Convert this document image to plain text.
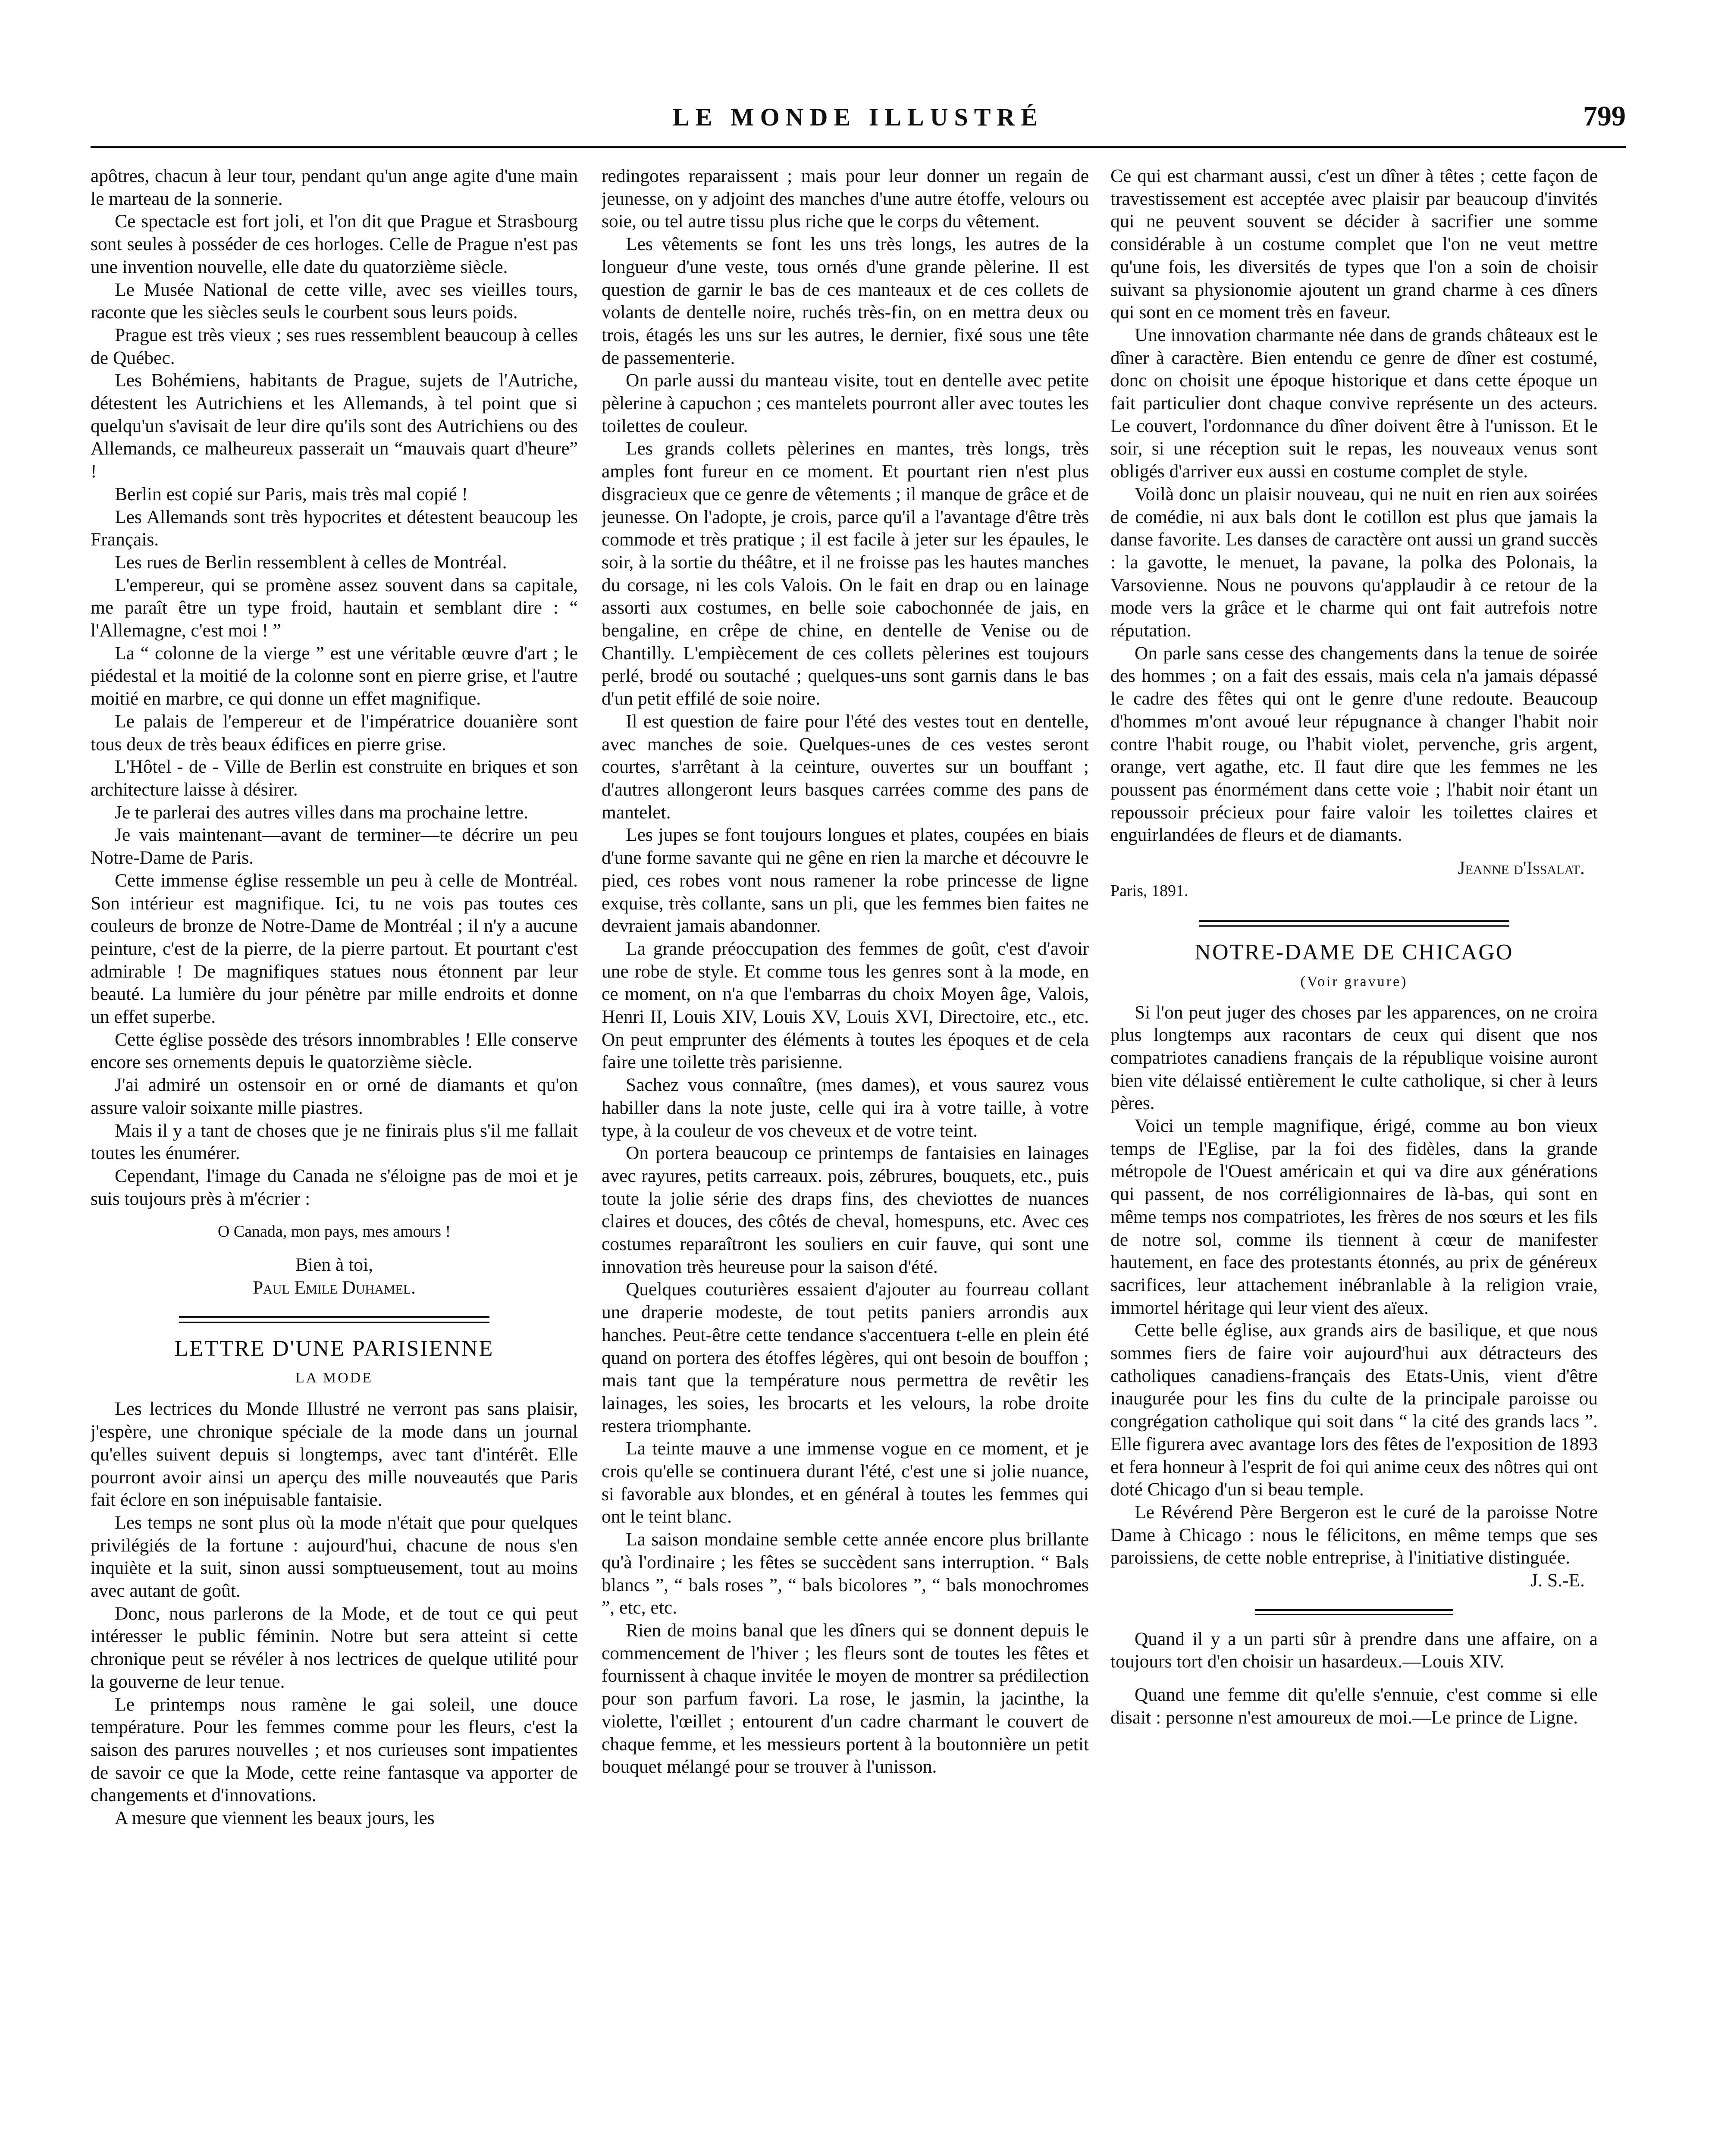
LE MONDE ILLUSTRÉ	799

apôtres, chacun à leur tour, pendant qu'un ange agite d'une main le marteau de la sonnerie.

Ce spectacle est fort joli, et l'on dit que Prague et Strasbourg sont seules à posséder de ces horloges. Celle de Prague n'est pas une invention nouvelle, elle date du quatorzième siècle.

Le Musée National de cette ville, avec ses vieilles tours, raconte que les siècles seuls le courbent sous leurs poids.

Prague est très vieux ; ses rues ressemblent beaucoup à celles de Québec.

Les Bohémiens, habitants de Prague, sujets de l'Autriche, détestent les Autrichiens et les Allemands, à tel point que si quelqu'un s'avisait de leur dire qu'ils sont des Autrichiens ou des Allemands, ce malheureux passerait un “mauvais quart d'heure” !

Berlin est copié sur Paris, mais très mal copié !

Les Allemands sont très hypocrites et détestent beaucoup les Français.

Les rues de Berlin ressemblent à celles de Montréal.

L'empereur, qui se promène assez souvent dans sa capitale, me paraît être un type froid, hautain et semblant dire : “ l'Allemagne, c'est moi ! ”

La “ colonne de la vierge ” est une véritable œuvre d'art ; le piédestal et la moitié de la colonne sont en pierre grise, et l'autre moitié en marbre, ce qui donne un effet magnifique.

Le palais de l'empereur et de l'impératrice douanière sont tous deux de très beaux édifices en pierre grise.

L'Hôtel - de - Ville de Berlin est construite en briques et son architecture laisse à désirer.

Je te parlerai des autres villes dans ma prochaine lettre.

Je vais maintenant—avant de terminer—te décrire un peu Notre-Dame de Paris.

Cette immense église ressemble un peu à celle de Montréal. Son intérieur est magnifique. Ici, tu ne vois pas toutes ces couleurs de bronze de Notre-Dame de Montréal ; il n'y a aucune peinture, c'est de la pierre, de la pierre partout. Et pourtant c'est admirable ! De magnifiques statues nous étonnent par leur beauté. La lumière du jour pénètre par mille endroits et donne un effet superbe.

Cette église possède des trésors innombrables ! Elle conserve encore ses ornements depuis le quatorzième siècle.

J'ai admiré un ostensoir en or orné de diamants et qu'on assure valoir soixante mille piastres.

Mais il y a tant de choses que je ne finirais plus s'il me fallait toutes les énumérer.

Cependant, l'image du Canada ne s'éloigne pas de moi et je suis toujours près à m'écrier :

O Canada, mon pays, mes amours !

Bien à toi,

Paul Emile Duhamel.

LETTRE D'UNE PARISIENNE
LA MODE

Les lectrices du Monde Illustré ne verront pas sans plaisir, j'espère, une chronique spéciale de la mode dans un journal qu'elles suivent depuis si longtemps, avec tant d'intérêt. Elle pourront avoir ainsi un aperçu des mille nouveautés que Paris fait éclore en son inépuisable fantaisie.

Les temps ne sont plus où la mode n'était que pour quelques privilégiés de la fortune : aujourd'hui, chacune de nous s'en inquiète et la suit, sinon aussi somptueusement, tout au moins avec autant de goût.

Donc, nous parlerons de la Mode, et de tout ce qui peut intéresser le public féminin. Notre but sera atteint si cette chronique peut se révéler à nos lectrices de quelque utilité pour la gouverne de leur tenue.

Le printemps nous ramène le gai soleil, une douce température. Pour les femmes comme pour les fleurs, c'est la saison des parures nouvelles ; et nos curieuses sont impatientes de savoir ce que la Mode, cette reine fantasque va apporter de changements et d'innovations.

A mesure que viennent les beaux jours, les

redingotes reparaissent ; mais pour leur donner un regain de jeunesse, on y adjoint des manches d'une autre étoffe, velours ou soie, ou tel autre tissu plus riche que le corps du vêtement.

Les vêtements se font les uns très longs, les autres de la longueur d'une veste, tous ornés d'une grande pèlerine. Il est question de garnir le bas de ces manteaux et de ces collets de volants de dentelle noire, ruchés très-fin, on en mettra deux ou trois, étagés les uns sur les autres, le dernier, fixé sous une tête de passementerie.

On parle aussi du manteau visite, tout en dentelle avec petite pèlerine à capuchon ; ces mantelets pourront aller avec toutes les toilettes de couleur.

Les grands collets pèlerines en mantes, très longs, très amples font fureur en ce moment. Et pourtant rien n'est plus disgracieux que ce genre de vêtements ; il manque de grâce et de jeunesse. On l'adopte, je crois, parce qu'il a l'avantage d'être très commode et très pratique ; il est facile à jeter sur les épaules, le soir, à la sortie du théâtre, et il ne froisse pas les hautes manches du corsage, ni les cols Valois. On le fait en drap ou en lainage assorti aux costumes, en belle soie cabochonnée de jais, en bengaline, en crêpe de chine, en dentelle de Venise ou de Chantilly. L'empiècement de ces collets pèlerines est toujours perlé, brodé ou soutaché ; quelques-uns sont garnis dans le bas d'un petit effilé de soie noire.

Il est question de faire pour l'été des vestes tout en dentelle, avec manches de soie. Quelques-unes de ces vestes seront courtes, s'arrêtant à la ceinture, ouvertes sur un bouffant ; d'autres allongeront leurs basques carrées comme des pans de mantelet.

Les jupes se font toujours longues et plates, coupées en biais d'une forme savante qui ne gêne en rien la marche et découvre le pied, ces robes vont nous ramener la robe princesse de ligne exquise, très collante, sans un pli, que les femmes bien faites ne devraient jamais abandonner.

La grande préoccupation des femmes de goût, c'est d'avoir une robe de style. Et comme tous les genres sont à la mode, en ce moment, on n'a que l'embarras du choix Moyen âge, Valois, Henri II, Louis XIV, Louis XV, Louis XVI, Directoire, etc., etc. On peut emprunter des éléments à toutes les époques et de cela faire une toilette très parisienne.

Sachez vous connaître, (mes dames), et vous saurez vous habiller dans la note juste, celle qui ira à votre taille, à votre type, à la couleur de vos cheveux et de votre teint.

On portera beaucoup ce printemps de fantaisies en lainages avec rayures, petits carreaux. pois, zébrures, bouquets, etc., puis toute la jolie série des draps fins, des cheviottes de nuances claires et douces, des côtés de cheval, homespuns, etc. Avec ces costumes reparaîtront les souliers en cuir fauve, qui sont une innovation très heureuse pour la saison d'été.

Quelques couturières essaient d'ajouter au fourreau collant une draperie modeste, de tout petits paniers arrondis aux hanches. Peut-être cette tendance s'accentuera t-elle en plein été quand on portera des étoffes légères, qui ont besoin de bouffon ; mais tant que la température nous permettra de revêtir les lainages, les soies, les brocarts et les velours, la robe droite restera triomphante.

La teinte mauve a une immense vogue en ce moment, et je crois qu'elle se continuera durant l'été, c'est une si jolie nuance, si favorable aux blondes, et en général à toutes les femmes qui ont le teint blanc.

La saison mondaine semble cette année encore plus brillante qu'à l'ordinaire ; les fêtes se succèdent sans interruption. “ Bals blancs ”, “ bals roses ”, “ bals bicolores ”, “ bals monochromes ”, etc, etc.

Rien de moins banal que les dîners qui se donnent depuis le commencement de l'hiver ; les fleurs sont de toutes les fêtes et fournissent à chaque invitée le moyen de montrer sa prédilection pour son parfum favori. La rose, le jasmin, la jacinthe, la violette, l'œillet ; entourent d'un cadre charmant le couvert de chaque femme, et les messieurs portent à la boutonnière un petit bouquet mélangé pour se trouver à l'unisson.

Ce qui est charmant aussi, c'est un dîner à têtes ; cette façon de travestissement est acceptée avec plaisir par beaucoup d'invités qui ne peuvent souvent se décider à sacrifier une somme considérable à un costume complet que l'on ne veut mettre qu'une fois, les diversités de types que l'on a soin de choisir suivant sa physionomie ajoutent un grand charme à ces dîners qui sont en ce moment très en faveur.

Une innovation charmante née dans de grands châteaux est le dîner à caractère. Bien entendu ce genre de dîner est costumé, donc on choisit une époque historique et dans cette époque un fait particulier dont chaque convive représente un des acteurs. Le couvert, l'ordonnance du dîner doivent être à l'unisson. Et le soir, si une réception suit le repas, les nouveaux venus sont obligés d'arriver eux aussi en costume complet de style.

Voilà donc un plaisir nouveau, qui ne nuit en rien aux soirées de comédie, ni aux bals dont le cotillon est plus que jamais la danse favorite. Les danses de caractère ont aussi un grand succès : la gavotte, le menuet, la pavane, la polka des Polonais, la Varsovienne. Nous ne pouvons qu'applaudir à ce retour de la mode vers la grâce et le charme qui ont fait autrefois notre réputation.

On parle sans cesse des changements dans la tenue de soirée des hommes ; on a fait des essais, mais cela n'a jamais dépassé le cadre des fêtes qui ont le genre d'une redoute. Beaucoup d'hommes m'ont avoué leur répugnance à changer l'habit noir contre l'habit rouge, ou l'habit violet, pervenche, gris argent, orange, vert agathe, etc. Il faut dire que les femmes ne les poussent pas énormément dans cette voie ; l'habit noir étant un repoussoir précieux pour faire valoir les toilettes claires et enguirlandées de fleurs et de diamants.

Jeanne d'Issalat.

Paris, 1891.

NOTRE-DAME DE CHICAGO
(Voir gravure)

Si l'on peut juger des choses par les apparences, on ne croira plus longtemps aux racontars de ceux qui disent que nos compatriotes canadiens français de la république voisine auront bien vite délaissé entièrement le culte catholique, si cher à leurs pères.

Voici un temple magnifique, érigé, comme au bon vieux temps de l'Eglise, par la foi des fidèles, dans la grande métropole de l'Ouest américain et qui va dire aux générations qui passent, de nos corréligionnaires de là-bas, qui sont en même temps nos compatriotes, les frères de nos sœurs et les fils de notre sol, comme ils tiennent à cœur de manifester hautement, en face des protestants étonnés, au prix de généreux sacrifices, leur attachement inébranlable à la religion vraie, immortel héritage qui leur vient des aïeux.

Cette belle église, aux grands airs de basilique, et que nous sommes fiers de faire voir aujourd'hui aux détracteurs des catholiques canadiens-français des Etats-Unis, vient d'être inaugurée pour les fins du culte de la principale paroisse ou congrégation catholique qui soit dans “ la cité des grands lacs ”. Elle figurera avec avantage lors des fêtes de l'exposition de 1893 et fera honneur à l'esprit de foi qui anime ceux des nôtres qui ont doté Chicago d'un si beau temple.

Le Révérend Père Bergeron est le curé de la paroisse Notre Dame à Chicago : nous le félicitons, en même temps que ses paroissiens, de cette noble entreprise, à l'initiative distinguée.

J. S.-E.

Quand il y a un parti sûr à prendre dans une affaire, on a toujours tort d'en choisir un hasardeux.—Louis XIV.

Quand une femme dit qu'elle s'ennuie, c'est comme si elle disait : personne n'est amoureux de moi.—Le prince de Ligne.
